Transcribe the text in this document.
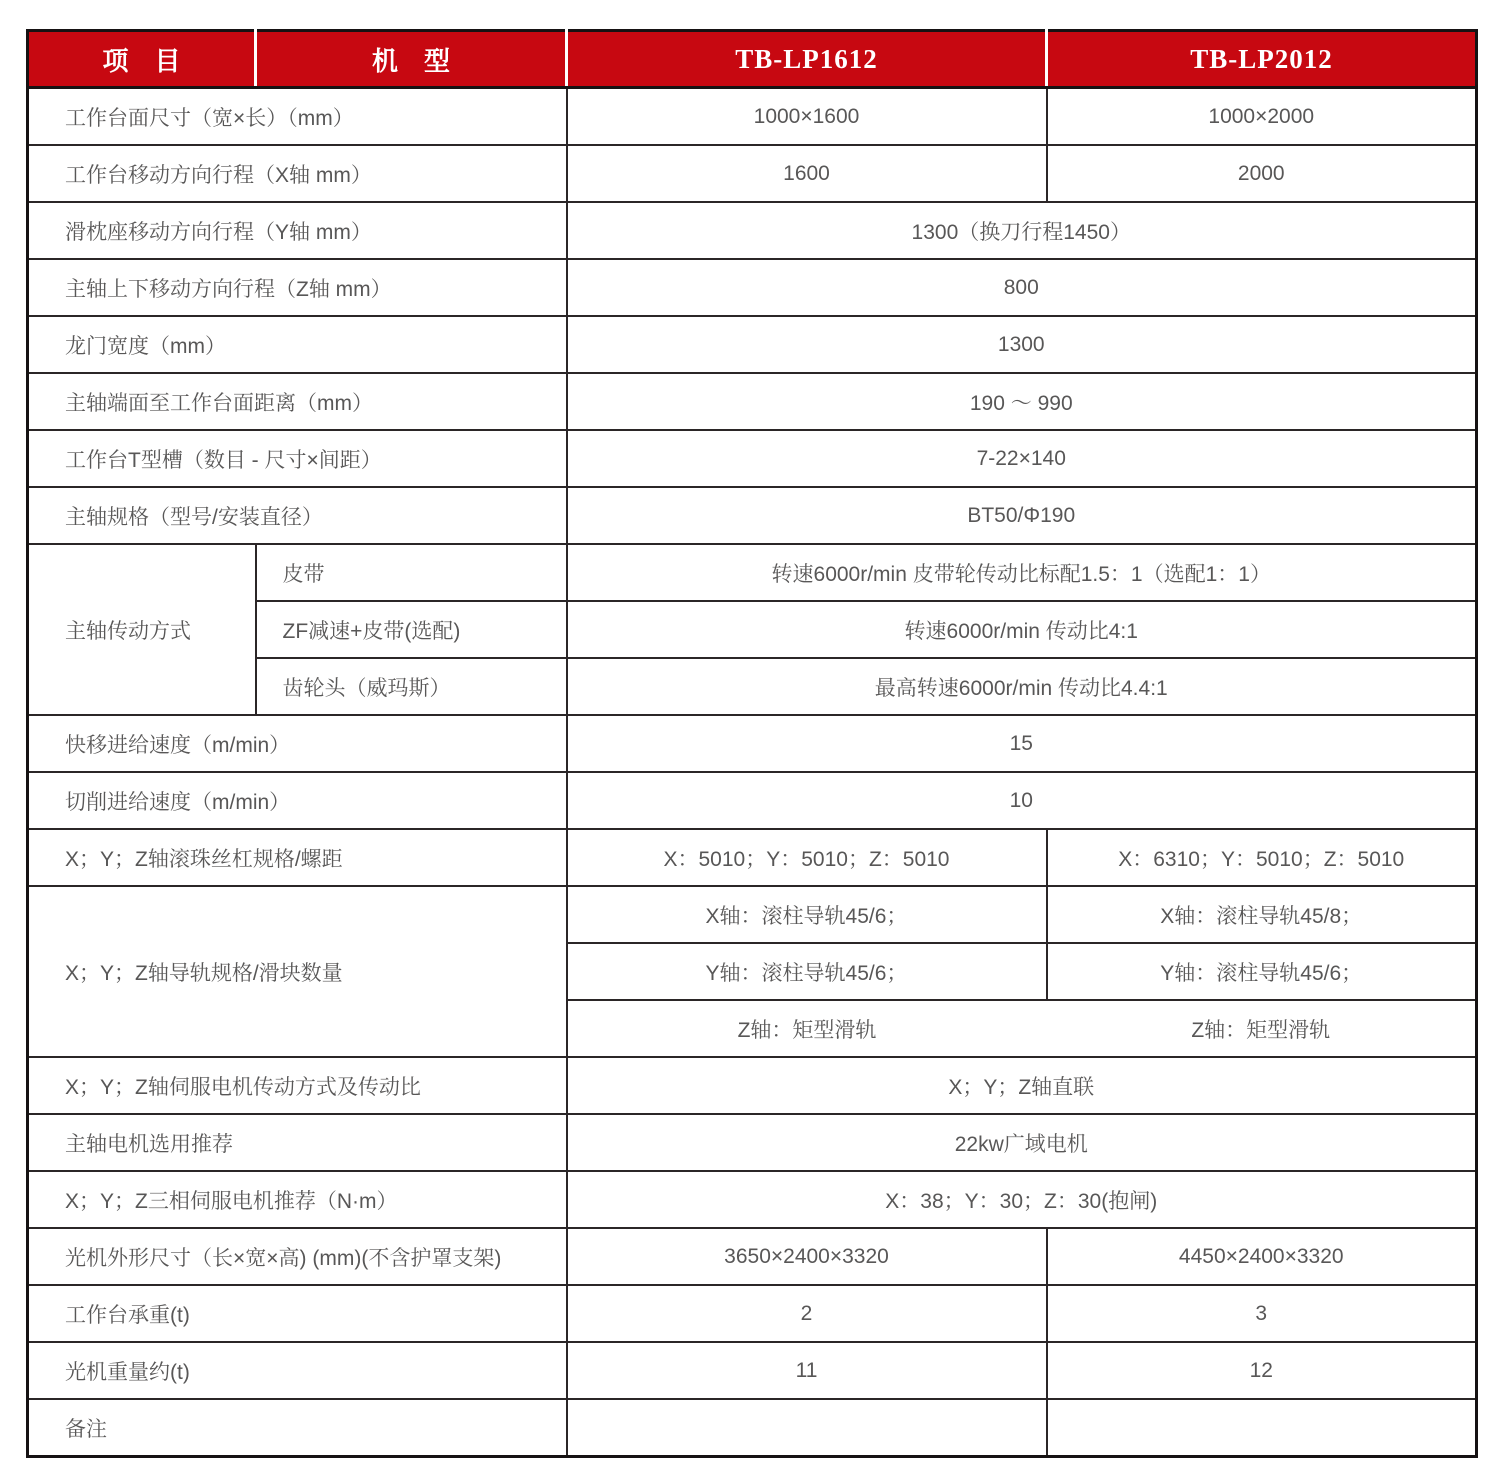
项　目	机　型	TB-LP1612	TB-LP2012
工作台面尺寸（宽×长）（mm）		1000×1600	1000×2000
工作台移动方向行程（X轴 mm）		1600	2000
滑枕座移动方向行程（Y轴 mm）		1300（换刀行程1450）	
主轴上下移动方向行程（Z轴 mm）		800	
龙门宽度（mm）		1300	
主轴端面至工作台面距离（mm）		190 ～ 990	
工作台T型槽（数目 - 尺寸×间距）		7-22×140	
主轴规格（型号/安装直径）		BT50/Φ190	
主轴传动方式	皮带	转速6000r/min 皮带轮传动比标配1.5：1（选配1：1）	
	ZF减速+皮带(选配)	转速6000r/min 传动比4:1	
	齿轮头（威玛斯）	最高转速6000r/min 传动比4.4:1	
快移进给速度（m/min）		15	
切削进给速度（m/min）		10	
X；Y；Z轴滚珠丝杠规格/螺距		X：5010；Y：5010；Z：5010	X：6310；Y：5010；Z：5010
X；Y；Z轴导轨规格/滑块数量		X轴：滚柱导轨45/6；	X轴：滚柱导轨45/8；
		Y轴：滚柱导轨45/6；	Y轴：滚柱导轨45/6；
		Z轴：矩型滑轨	Z轴：矩型滑轨
X；Y；Z轴伺服电机传动方式及传动比		X；Y；Z轴直联	
主轴电机选用推荐		22kw广域电机	
X；Y；Z三相伺服电机推荐（N·m）		X：38；Y：30；Z：30(抱闸)	
光机外形尺寸（长×宽×高) (mm)(不含护罩支架)		3650×2400×3320	4450×2400×3320
工作台承重(t)		2	3
光机重量约(t)		11	12
备注			
